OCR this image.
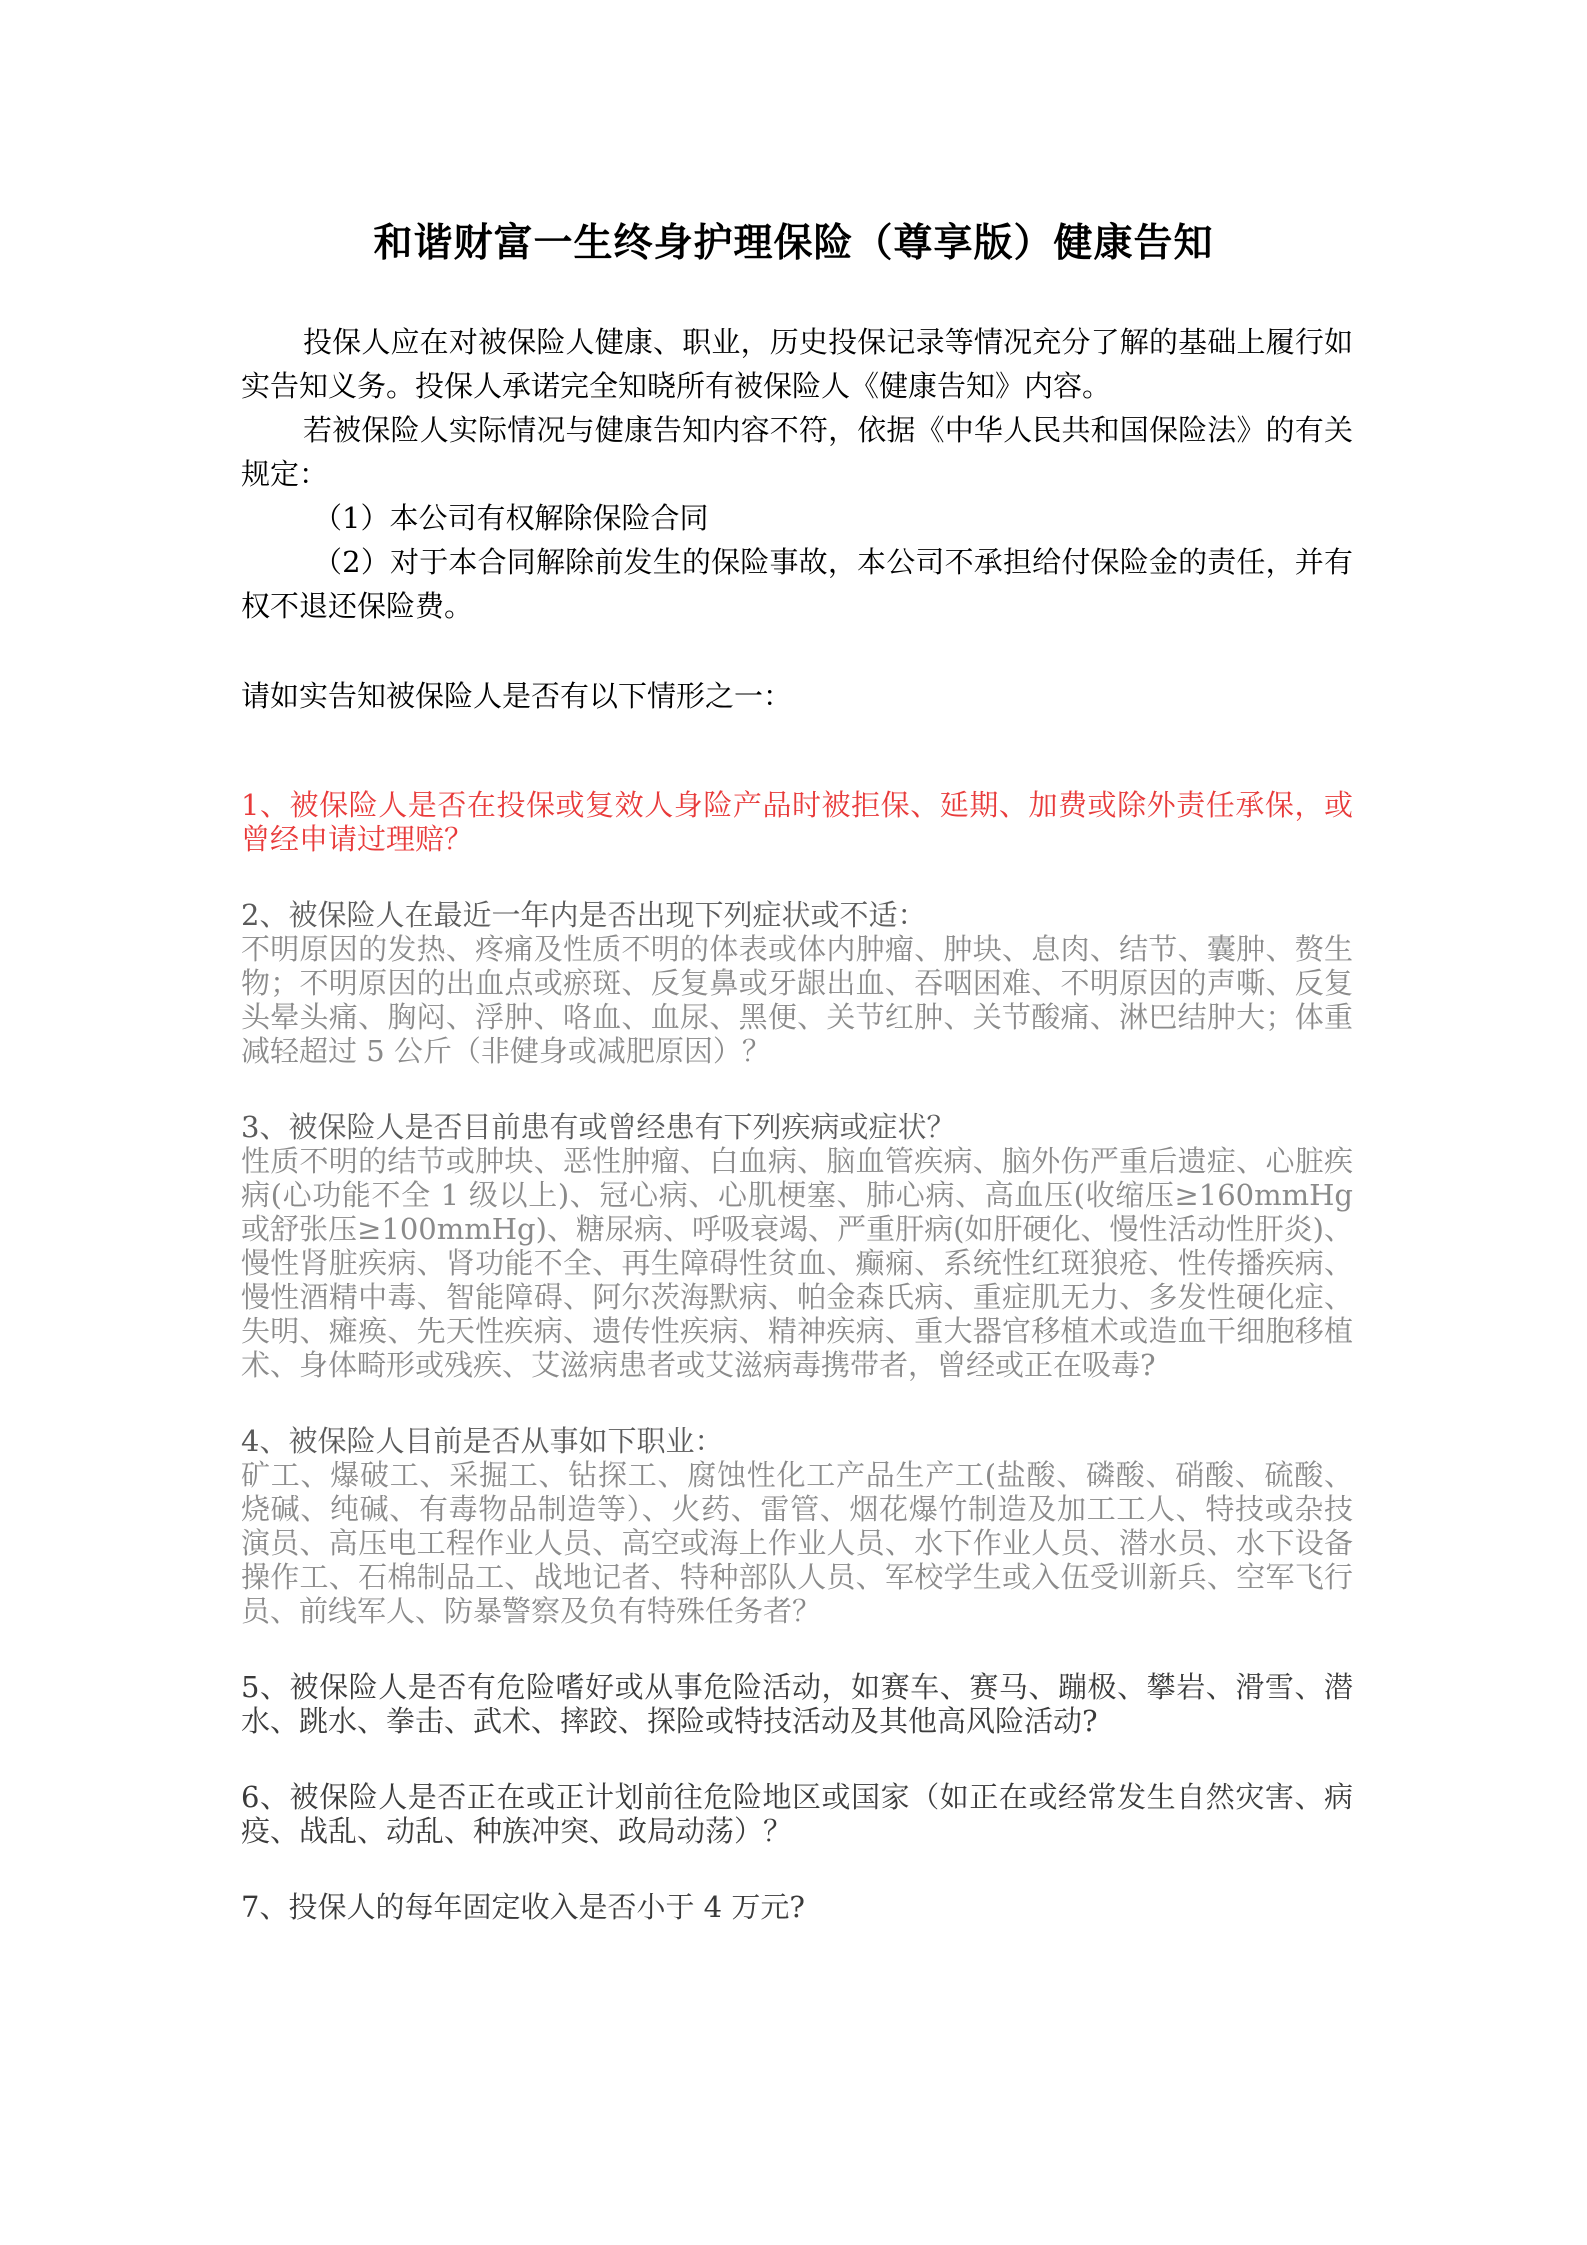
和谐财富一生终身护理保险（尊享版）健康告知

投保人应在对被保险人健康、职业，历史投保记录等情况充分了解的基础上履行如实告知义务。投保人承诺完全知晓所有被保险人《健康告知》内容。

若被保险人实际情况与健康告知内容不符，依据《中华人民共和国保险法》的有关规定：

（1）本公司有权解除保险合同

（2）对于本合同解除前发生的保险事故，本公司不承担给付保险金的责任，并有权不退还保险费。

请如实告知被保险人是否有以下情形之一：
1、被保险人是否在投保或复效人身险产品时被拒保、延期、加费或除外责任承保，或曾经申请过理赔？
2、被保险人在最近一年内是否出现下列症状或不适：
不明原因的发热、疼痛及性质不明的体表或体内肿瘤、肿块、息肉、结节、囊肿、赘生物；不明原因的出血点或瘀斑、反复鼻或牙龈出血、吞咽困难、不明原因的声嘶、反复头晕头痛、胸闷、浮肿、咯血、血尿、黑便、关节红肿、关节酸痛、淋巴结肿大；体重减轻超过 5 公斤（非健身或减肥原因）？
3、被保险人是否目前患有或曾经患有下列疾病或症状？
性质不明的结节或肿块、恶性肿瘤、白血病、脑血管疾病、脑外伤严重后遗症、心脏疾病(心功能不全 1 级以上)、冠心病、心肌梗塞、肺心病、高血压(收缩压≥160mmHg 或舒张压≥100mmHg)、糖尿病、呼吸衰竭、严重肝病(如肝硬化、慢性活动性肝炎)、慢性肾脏疾病、肾功能不全、再生障碍性贫血、癫痫、系统性红斑狼疮、性传播疾病、慢性酒精中毒、智能障碍、阿尔茨海默病、帕金森氏病、重症肌无力、多发性硬化症、失明、瘫痪、先天性疾病、遗传性疾病、精神疾病、重大器官移植术或造血干细胞移植术、身体畸形或残疾、艾滋病患者或艾滋病毒携带者，曾经或正在吸毒?
4、被保险人目前是否从事如下职业：
矿工、爆破工、采掘工、钻探工、腐蚀性化工产品生产工(盐酸、磷酸、硝酸、硫酸、烧碱、纯碱、有毒物品制造等）、火药、雷管、烟花爆竹制造及加工工人、特技或杂技演员、高压电工程作业人员、高空或海上作业人员、水下作业人员、潜水员、水下设备操作工、石棉制品工、战地记者、特种部队人员、军校学生或入伍受训新兵、空军飞行员、前线军人、防暴警察及负有特殊任务者？
5、被保险人是否有危险嗜好或从事危险活动，如赛车、赛马、蹦极、攀岩、滑雪、潜水、跳水、拳击、武术、摔跤、探险或特技活动及其他高风险活动?
6、被保险人是否正在或正计划前往危险地区或国家（如正在或经常发生自然灾害、病疫、战乱、动乱、种族冲突、政局动荡）？
7、投保人的每年固定收入是否小于 4 万元?
